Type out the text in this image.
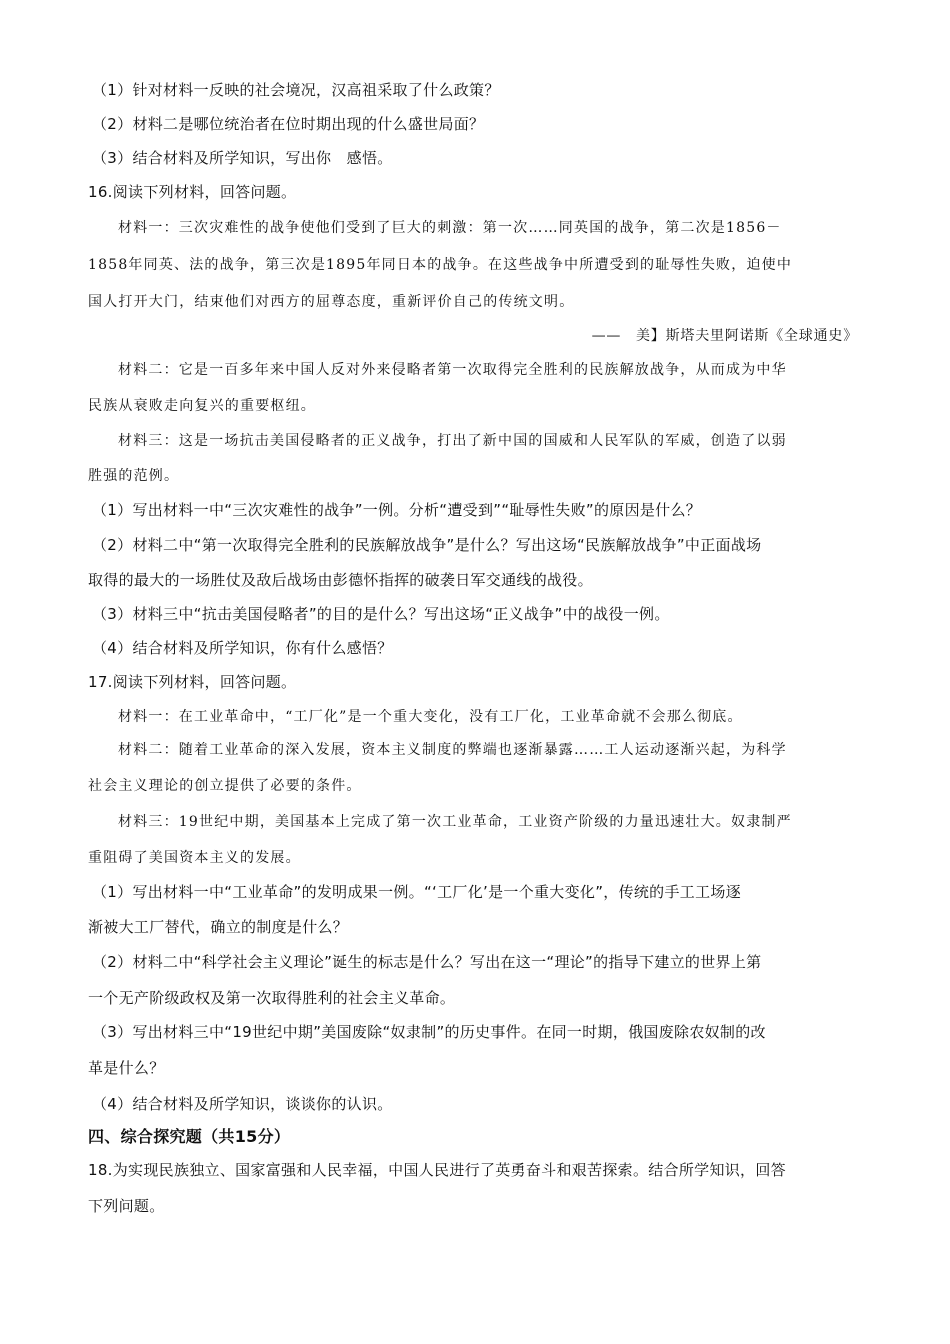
（1）针对材料一反映的社会境况，汉高祖采取了什么政策？
（2）材料二是哪位统治者在位时期出现的什么盛世局面？
（3）结合材料及所学知识，写出你　感悟。
16.阅读下列材料，回答问题。
材料一：三次灾难性的战争使他们受到了巨大的刺激：第一次……同英国的战争，第二次是1856－
1858年同英、法的战争，第三次是1895年同日本的战争。在这些战争中所遭受到的耻辱性失败，迫使中
国人打开大门，结束他们对西方的屈尊态度，重新评价自己的传统文明。
——　美】斯塔夫里阿诺斯《全球通史》
材料二：它是一百多年来中国人反对外来侵略者第一次取得完全胜利的民族解放战争，从而成为中华
民族从衰败走向复兴的重要枢纽。
材料三：这是一场抗击美国侵略者的正义战争，打出了新中国的国威和人民军队的军威，创造了以弱
胜强的范例。
（1）写出材料一中“三次灾难性的战争”一例。分析“遭受到”“耻辱性失败”的原因是什么？
（2）材料二中“第一次取得完全胜利的民族解放战争”是什么？写出这场“民族解放战争”中正面战场
取得的最大的一场胜仗及敌后战场由彭德怀指挥的破袭日军交通线的战役。
（3）材料三中“抗击美国侵略者”的目的是什么？写出这场“正义战争”中的战役一例。
（4）结合材料及所学知识，你有什么感悟？
17.阅读下列材料，回答问题。
材料一：在工业革命中，“工厂化”是一个重大变化，没有工厂化，工业革命就不会那么彻底。
材料二：随着工业革命的深入发展，资本主义制度的弊端也逐渐暴露……工人运动逐渐兴起，为科学
社会主义理论的创立提供了必要的条件。
材料三：19世纪中期，美国基本上完成了第一次工业革命，工业资产阶级的力量迅速壮大。奴隶制严
重阻碍了美国资本主义的发展。
（1）写出材料一中“工业革命”的发明成果一例。“‘工厂化’是一个重大变化”，传统的手工工场逐
渐被大工厂替代，确立的制度是什么？
（2）材料二中“科学社会主义理论”诞生的标志是什么？写出在这一“理论”的指导下建立的世界上第
一个无产阶级政权及第一次取得胜利的社会主义革命。
（3）写出材料三中“19世纪中期”美国废除“奴隶制”的历史事件。在同一时期，俄国废除农奴制的改
革是什么？
（4）结合材料及所学知识，谈谈你的认识。
四、综合探究题（共15分）
18.为实现民族独立、国家富强和人民幸福，中国人民进行了英勇奋斗和艰苦探索。结合所学知识，回答
下列问题。
